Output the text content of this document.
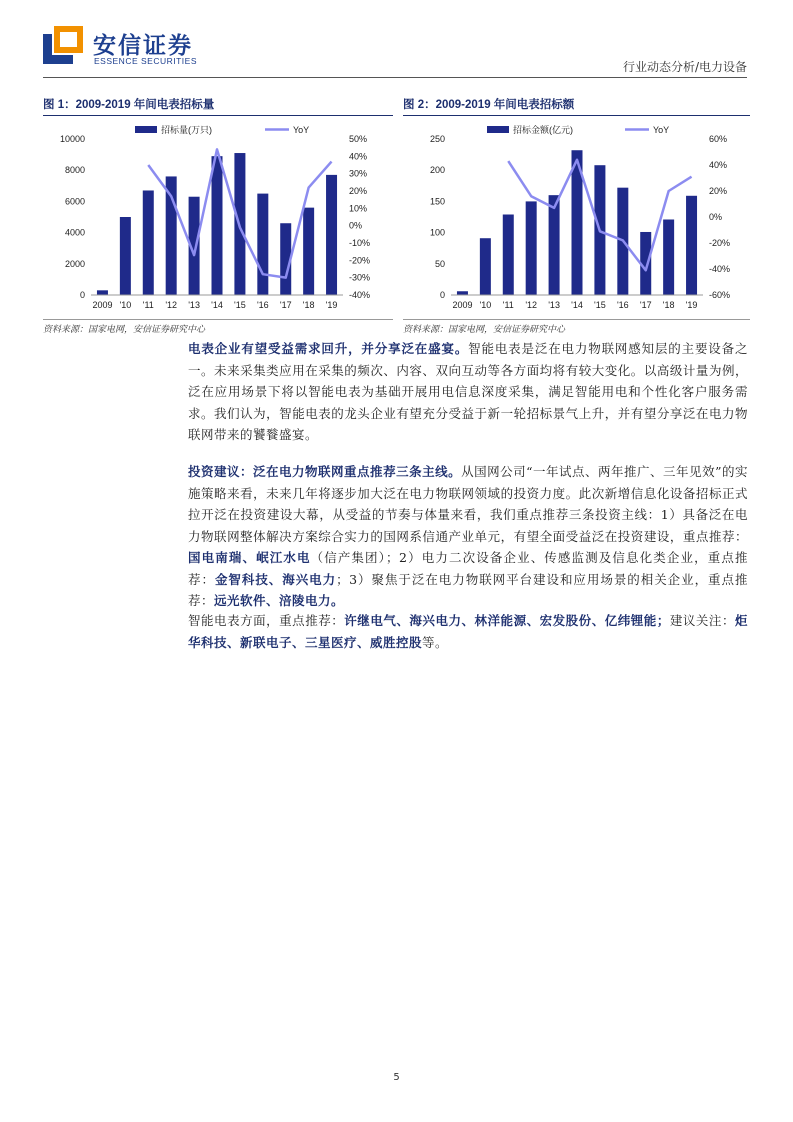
安信证券
ESSENCE SECURITIES	行业动态分析/电力设备
图 1：2009-2019 年间电表招标量
0
2000
4000
6000
8000
10000
-40%
-30%
-20%
-10%
0%
10%
20%
30%
40%
50%
2009 '10 '11 '12 '13 '14 '15 '16 '17 '18 '19
招标量(万只)	YoY
资料来源：国家电网，安信证券研究中心
图 2：2009-2019 年间电表招标额
0
50
100
150
200
250
-60%
-40%
-20%
0%
20%
40%
60%
2009 '10 '11 '12 '13 '14 '15 '16 '17 '18 '19
招标金额(亿元)	YoY
资料来源：国家电网，安信证券研究中心

电表企业有望受益需求回升，并分享泛在盛宴。智能电表是泛在电力物联网感知层的主要设备之一。未来采集类应用在采集的频次、内容、双向互动等各方面均将有较大变化。以高级计量为例，泛在应用场景下将以智能电表为基础开展用电信息深度采集，满足智能用电和个性化客户服务需求。我们认为，智能电表的龙头企业有望充分受益于新一轮招标景气上升，并有望分享泛在电力物联网带来的饕餮盛宴。

投资建议：泛在电力物联网重点推荐三条主线。从国网公司“一年试点、两年推广、三年见效”的实施策略来看，未来几年将逐步加大泛在电力物联网领域的投资力度。此次新增信息化设备招标正式拉开泛在投资建设大幕，从受益的节奏与体量来看，我们重点推荐三条投资主线：1）具备泛在电力物联网整体解决方案综合实力的国网系信通产业单元，有望全面受益泛在投资建设，重点推荐：国电南瑞、岷江水电（信产集团）；2）电力二次设备企业、传感监测及信息化类企业，重点推荐：金智科技、海兴电力；3）聚焦于泛在电力物联网平台建设和应用场景的相关企业，重点推荐：远光软件、涪陵电力。

智能电表方面，重点推荐：许继电气、海兴电力、林洋能源、宏发股份、亿纬锂能；建议关注：炬华科技、新联电子、三星医疗、威胜控股等。

5
